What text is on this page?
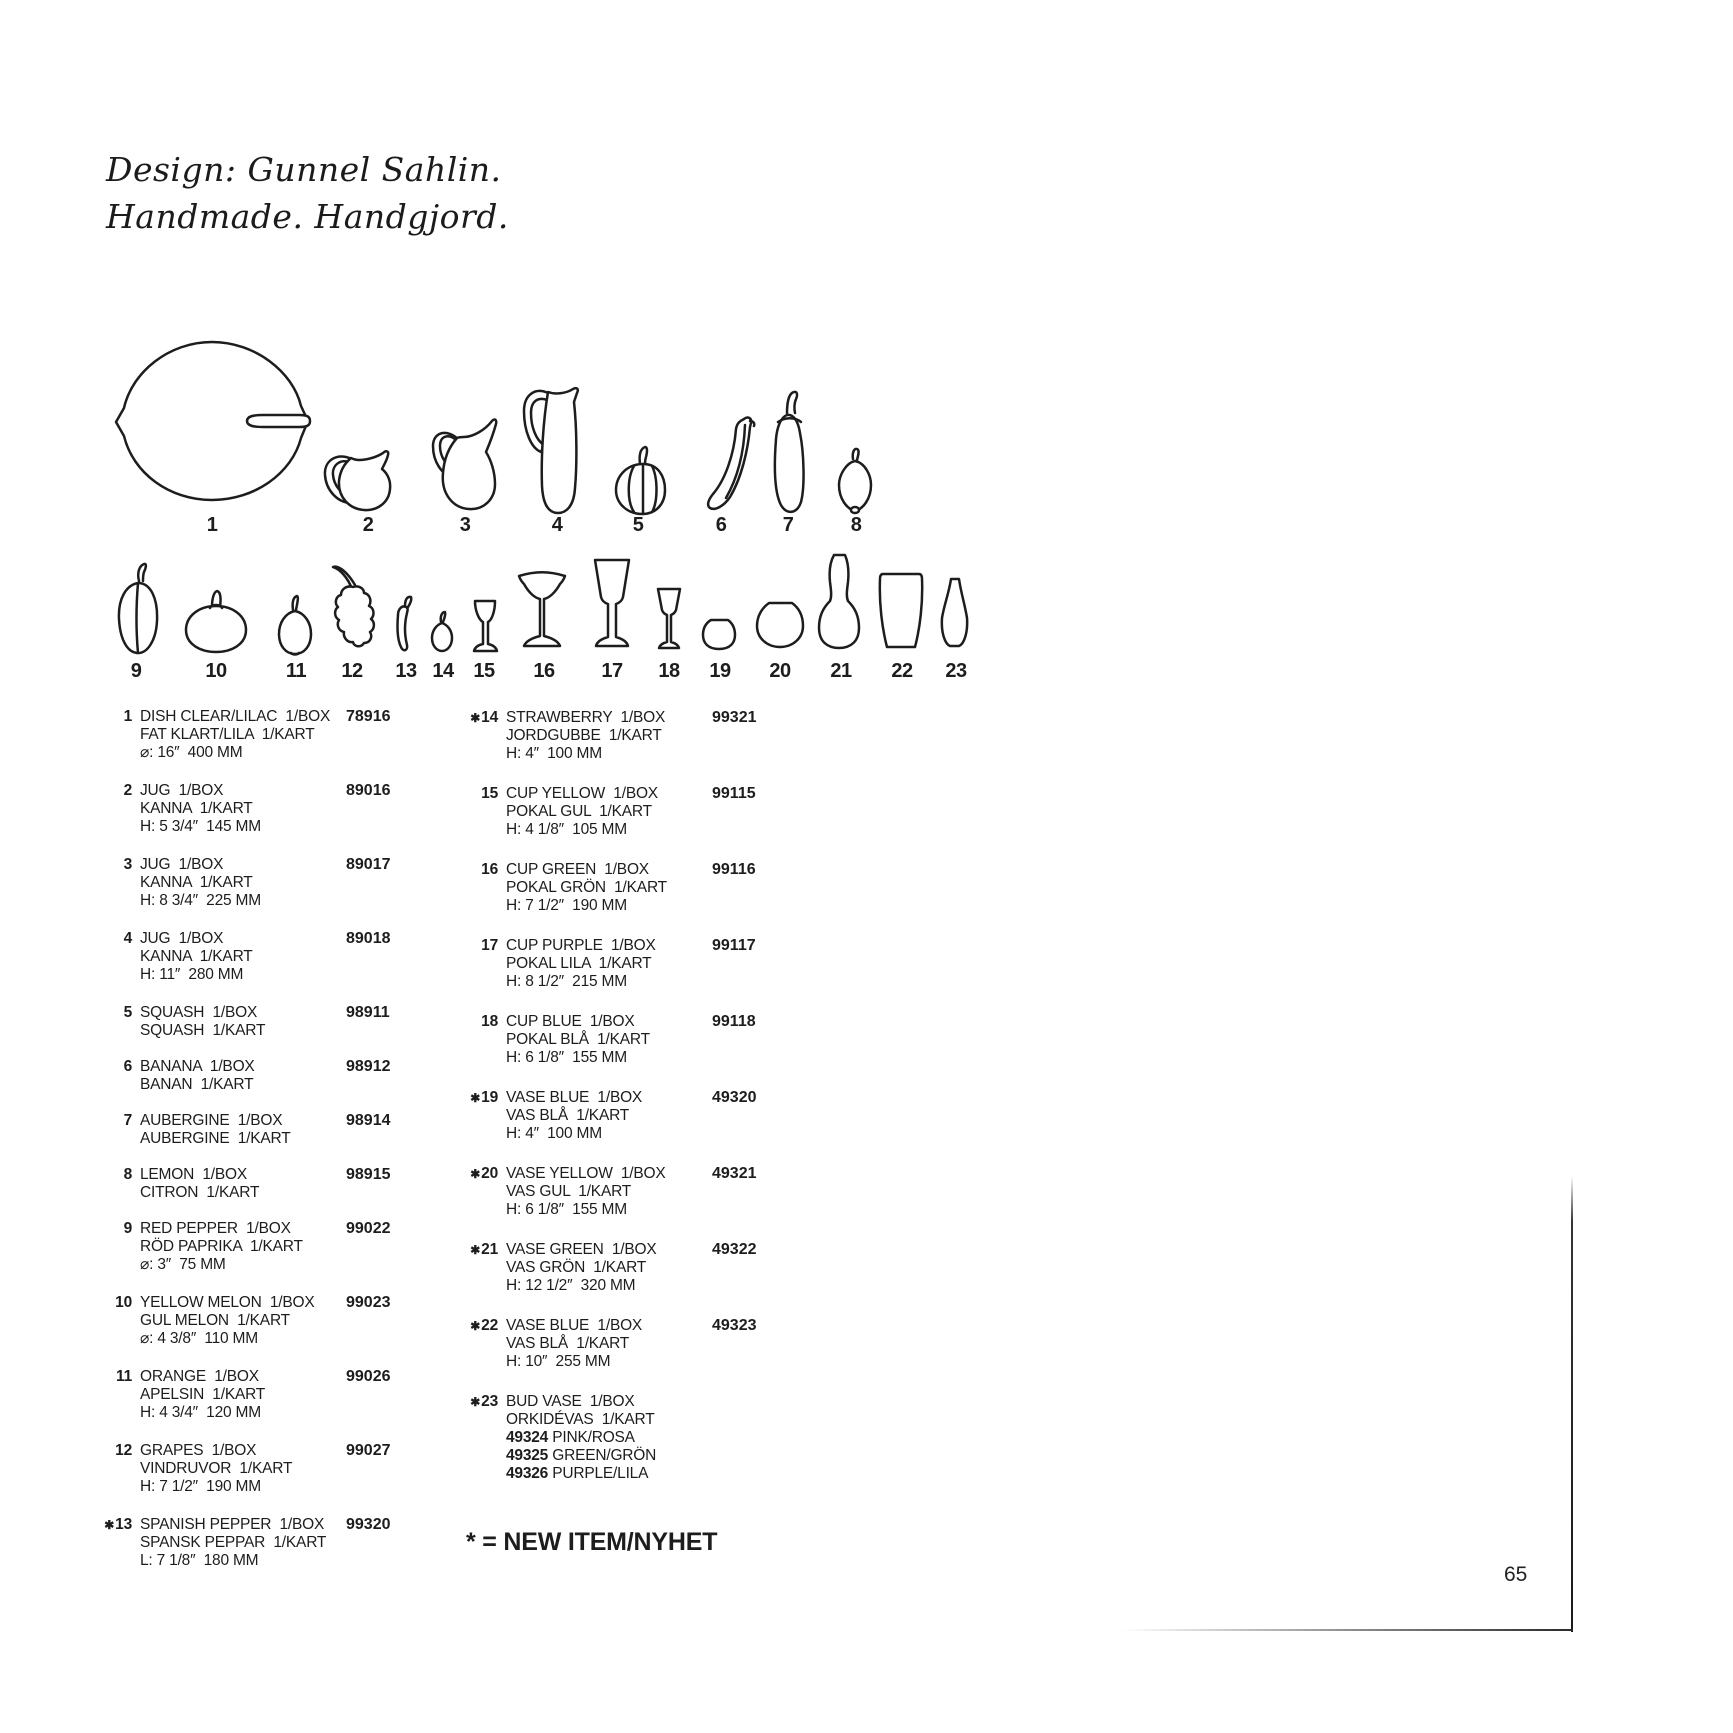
Design: Gunnel Sahlin.
Handmade. Handgjord.
1	2	3	4	5	6	7	8
9	10	11 12 13 14 15 16 17 18 19 20 21 22 23
1 DISH CLEAR/LILAC  1/BOX
FAT KLART/LILA  1/KART
⌀: 16″  400 MM
78916
2 JUG  1/BOX
KANNA  1/KART
H: 5 3/4″  145 MM
89016
3 JUG  1/BOX
KANNA  1/KART
H: 8 3/4″  225 MM
89017
4 JUG  1/BOX
KANNA  1/KART
H: 11″  280 MM
89018
5 SQUASH  1/BOX
SQUASH  1/KART
98911
6 BANANA  1/BOX
BANAN  1/KART
98912
7 AUBERGINE  1/BOX
AUBERGINE  1/KART
98914
8 LEMON  1/BOX
CITRON  1/KART
98915
9 RED PEPPER  1/BOX
RÖD PAPRIKA  1/KART
⌀: 3″  75 MM
99022
10 YELLOW MELON  1/BOX
GUL MELON  1/KART
⌀: 4 3/8″  110 MM
99023
11 ORANGE  1/BOX
APELSIN  1/KART
H: 4 3/4″  120 MM
99026
12 GRAPES  1/BOX
VINDRUVOR  1/KART
H: 7 1/2″  190 MM
99027
✱13 SPANISH PEPPER  1/BOX
SPANSK PEPPAR  1/KART
L: 7 1/8″  180 MM
99320
✱14 STRAWBERRY  1/BOX
JORDGUBBE  1/KART
H: 4″  100 MM
99321
15 CUP YELLOW  1/BOX
POKAL GUL  1/KART
H: 4 1/8″  105 MM
99115
16 CUP GREEN  1/BOX
POKAL GRÖN  1/KART
H: 7 1/2″  190 MM
99116
17 CUP PURPLE  1/BOX
POKAL LILA  1/KART
H: 8 1/2″  215 MM
99117
18 CUP BLUE  1/BOX
POKAL BLÅ  1/KART
H: 6 1/8″  155 MM
99118
✱19 VASE BLUE  1/BOX
VAS BLÅ  1/KART
H: 4″  100 MM
49320
✱20 VASE YELLOW  1/BOX
VAS GUL  1/KART
H: 6 1/8″  155 MM
49321
✱21 VASE GREEN  1/BOX
VAS GRÖN  1/KART
H: 12 1/2″  320 MM
49322
✱22 VASE BLUE  1/BOX
VAS BLÅ  1/KART
H: 10″  255 MM
49323
✱23 BUD VASE  1/BOX
ORKIDÉVAS  1/KART
49324 PINK/ROSA
49325 GREEN/GRÖN
49326 PURPLE/LILA
* = NEW ITEM/NYHET
65
